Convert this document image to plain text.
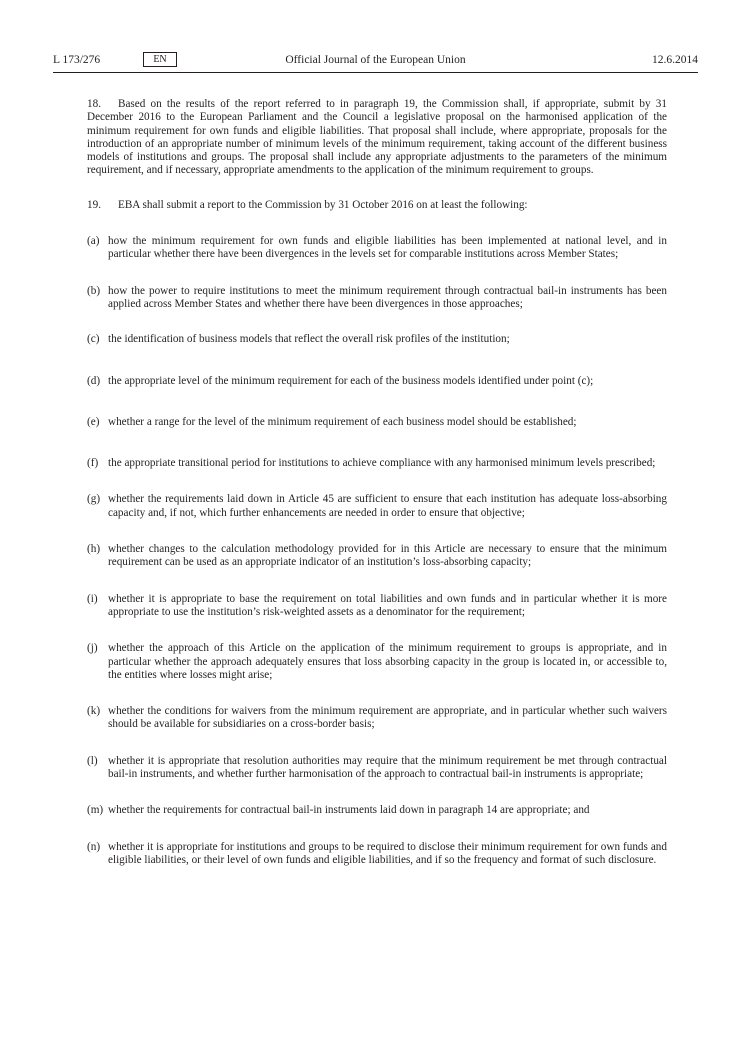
L 173/276	EN	Official Journal of the European Union	12.6.2014

18. Based on the results of the report referred to in paragraph 19, the Commission shall, if appropriate, submit by 31 December 2016 to the European Parliament and the Council a legislative proposal on the harmonised application of the minimum requirement for own funds and eligible liabilities. That proposal shall include, where appropriate, proposals for the introduction of an appropriate number of minimum levels of the minimum requirement, taking account of the different business models of institutions and groups. The proposal shall include any appropriate adjustments to the parameters of the minimum requirement, and if necessary, appropriate amendments to the application of the minimum requirement to groups.

19. EBA shall submit a report to the Commission by 31 October 2016 on at least the following:

(a) how the minimum requirement for own funds and eligible liabilities has been implemented at national level, and in particular whether there have been divergences in the levels set for comparable institutions across Member States;
(b) how the power to require institutions to meet the minimum requirement through contractual bail-in instruments has been applied across Member States and whether there have been divergences in those approaches;
(c) the identification of business models that reflect the overall risk profiles of the institution;
(d) the appropriate level of the minimum requirement for each of the business models identified under point (c);
(e) whether a range for the level of the minimum requirement of each business model should be established;
(f) the appropriate transitional period for institutions to achieve compliance with any harmonised minimum levels prescribed;
(g) whether the requirements laid down in Article 45 are sufficient to ensure that each institution has adequate loss-absorbing capacity and, if not, which further enhancements are needed in order to ensure that objective;
(h) whether changes to the calculation methodology provided for in this Article are necessary to ensure that the minimum requirement can be used as an appropriate indicator of an institution’s loss-absorbing capacity;
(i) whether it is appropriate to base the requirement on total liabilities and own funds and in particular whether it is more appropriate to use the institution’s risk-weighted assets as a denominator for the requirement;
(j) whether the approach of this Article on the application of the minimum requirement to groups is appropriate, and in particular whether the approach adequately ensures that loss absorbing capacity in the group is located in, or accessible to, the entities where losses might arise;
(k) whether the conditions for waivers from the minimum requirement are appropriate, and in particular whether such waivers should be available for subsidiaries on a cross-border basis;
(l) whether it is appropriate that resolution authorities may require that the minimum requirement be met through contractual bail-in instruments, and whether further harmonisation of the approach to contractual bail-in instruments is appropriate;
(m) whether the requirements for contractual bail-in instruments laid down in paragraph 14 are appropriate; and
(n) whether it is appropriate for institutions and groups to be required to disclose their minimum requirement for own funds and eligible liabilities, or their level of own funds and eligible liabilities, and if so the frequency and format of such disclosure.
